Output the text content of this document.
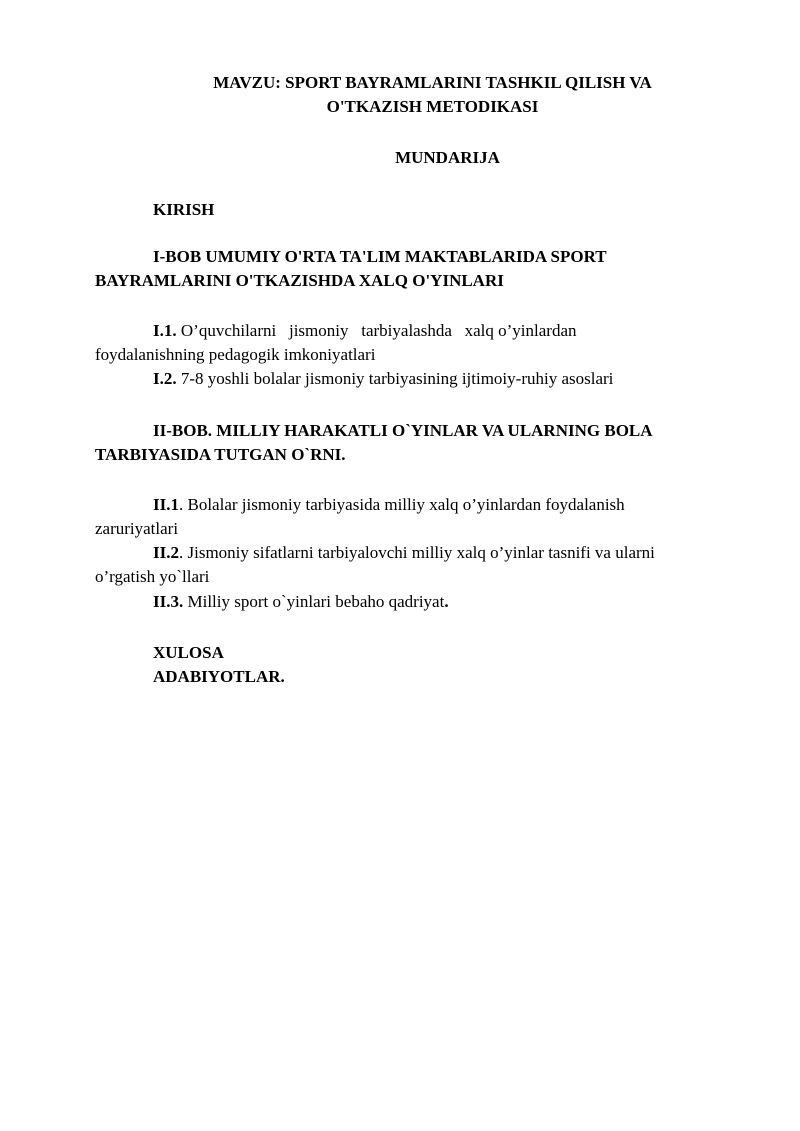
MAVZU: SPORT BAYRAMLARINI TASHKIL QILISH VA
O'TKAZISH METODIKASI
MUNDARIJA
KIRISH
I-BOB UMUMIY O'RTA TA'LIM MAKTABLARIDA SPORT
BAYRAMLARINI O'TKAZISHDA XALQ O'YINLARI
I.1. O’quvchilarni   jismoniy   tarbiyalashda   xalq o’yinlardan
foydalanishning pedagogik imkoniyatlari
I.2. 7-8 yoshli bolalar jismoniy tarbiyasining ijtimoiy-ruhiy asoslari
II-BOB. MILLIY HARAKATLI O`YINLAR VA ULARNING BOLA
TARBIYASIDA TUTGAN O`RNI.
II.1. Bolalar jismoniy tarbiyasida milliy xalq o’yinlardan foydalanish
zaruriyatlari
II.2. Jismoniy sifatlarni tarbiyalovchi milliy xalq o’yinlar tasnifi va ularni
o’rgatish yo`llari
II.3. Milliy sport o`yinlari bebaho qadriyat.
XULOSA
ADABIYOTLAR.
